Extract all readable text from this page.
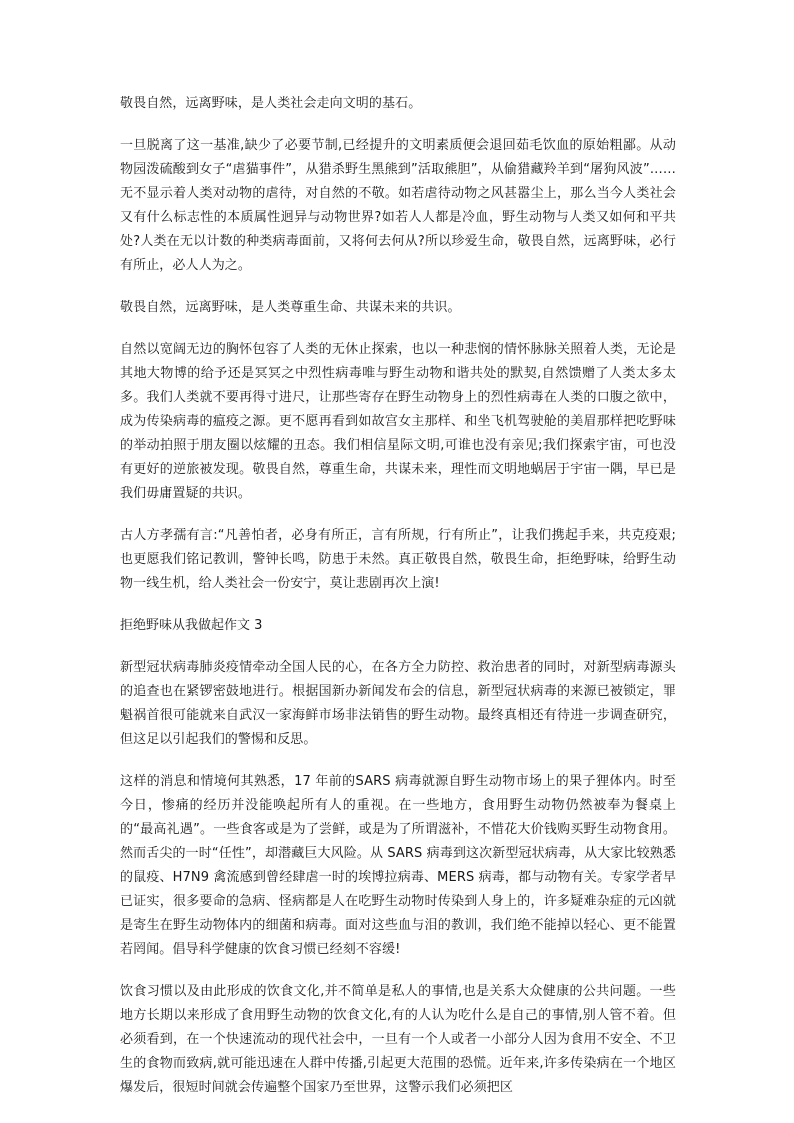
敬畏自然，远离野味，是人类社会走向文明的基石。

一旦脱离了这一基准,缺少了必要节制,已经提升的文明素质便会退回茹毛饮血的原始粗鄙。从动物园泼硫酸到女子“虐猫事件”，从猎杀野生黑熊到”活取熊胆”，从偷猎藏羚羊到“屠狗风波”……无不显示着人类对动物的虐待，对自然的不敬。如若虐待动物之风甚嚣尘上，那么当今人类社会又有什么标志性的本质属性迥异与动物世界?如若人人都是冷血，野生动物与人类又如何和平共处?人类在无以计数的种类病毒面前，又将何去何从?所以珍爱生命，敬畏自然，远离野味，必行有所止，必人人为之。

敬畏自然，远离野味，是人类尊重生命、共谋未来的共识。

自然以宽阔无边的胸怀包容了人类的无休止探索，也以一种悲悯的情怀脉脉关照着人类，无论是其地大物博的给予还是冥冥之中烈性病毒唯与野生动物和谐共处的默契,自然馈赠了人类太多太多。我们人类就不要再得寸进尺，让那些寄存在野生动物身上的烈性病毒在人类的口腹之欲中，成为传染病毒的瘟疫之源。更不愿再看到如故宫女主那样、和坐飞机驾驶舱的美眉那样把吃野味的举动拍照于朋友圈以炫耀的丑态。我们相信星际文明,可谁也没有亲见;我们探索宇宙，可也没有更好的逆旅被发现。敬畏自然，尊重生命，共谋未来，理性而文明地蜗居于宇宙一隅，早已是我们毋庸置疑的共识。

古人方孝孺有言:“凡善怕者，必身有所正，言有所规，行有所止”，让我们携起手来，共克疫艰;也更愿我们铭记教训，警钟长鸣，防患于未然。真正敬畏自然，敬畏生命，拒绝野味，给野生动物一线生机，给人类社会一份安宁，莫让悲剧再次上演!

拒绝野味从我做起作文 3

新型冠状病毒肺炎疫情牵动全国人民的心，在各方全力防控、救治患者的同时，对新型病毒源头的追查也在紧锣密鼓地进行。根据国新办新闻发布会的信息，新型冠状病毒的来源已被锁定，罪魁祸首很可能就来自武汉一家海鲜市场非法销售的野生动物。最终真相还有待进一步调查研究，但这足以引起我们的警惕和反思。

这样的消息和情境何其熟悉，17 年前的SARS 病毒就源自野生动物市场上的果子狸体内。时至今日，惨痛的经历并没能唤起所有人的重视。在一些地方，食用野生动物仍然被奉为餐桌上的“最高礼遇”。一些食客或是为了尝鲜，或是为了所谓滋补，不惜花大价钱购买野生动物食用。然而舌尖的一时“任性”，却潜藏巨大风险。从 SARS 病毒到这次新型冠状病毒，从大家比较熟悉的鼠疫、H7N9 禽流感到曾经肆虐一时的埃博拉病毒、MERS 病毒，都与动物有关。专家学者早已证实，很多要命的急病、怪病都是人在吃野生动物时传染到人身上的，许多疑难杂症的元凶就是寄生在野生动物体内的细菌和病毒。面对这些血与泪的教训，我们绝不能掉以轻心、更不能置若罔闻。倡导科学健康的饮食习惯已经刻不容缓!

饮食习惯以及由此形成的饮食文化,并不简单是私人的事情,也是关系大众健康的公共问题。一些地方长期以来形成了食用野生动物的饮食文化,有的人认为吃什么是自己的事情,别人管不着。但必须看到，在一个快速流动的现代社会中，一旦有一个人或者一小部分人因为食用不安全、不卫生的食物而致病,就可能迅速在人群中传播,引起更大范围的恐慌。近年来,许多传染病在一个地区爆发后，很短时间就会传遍整个国家乃至世界，这警示我们必须把区
